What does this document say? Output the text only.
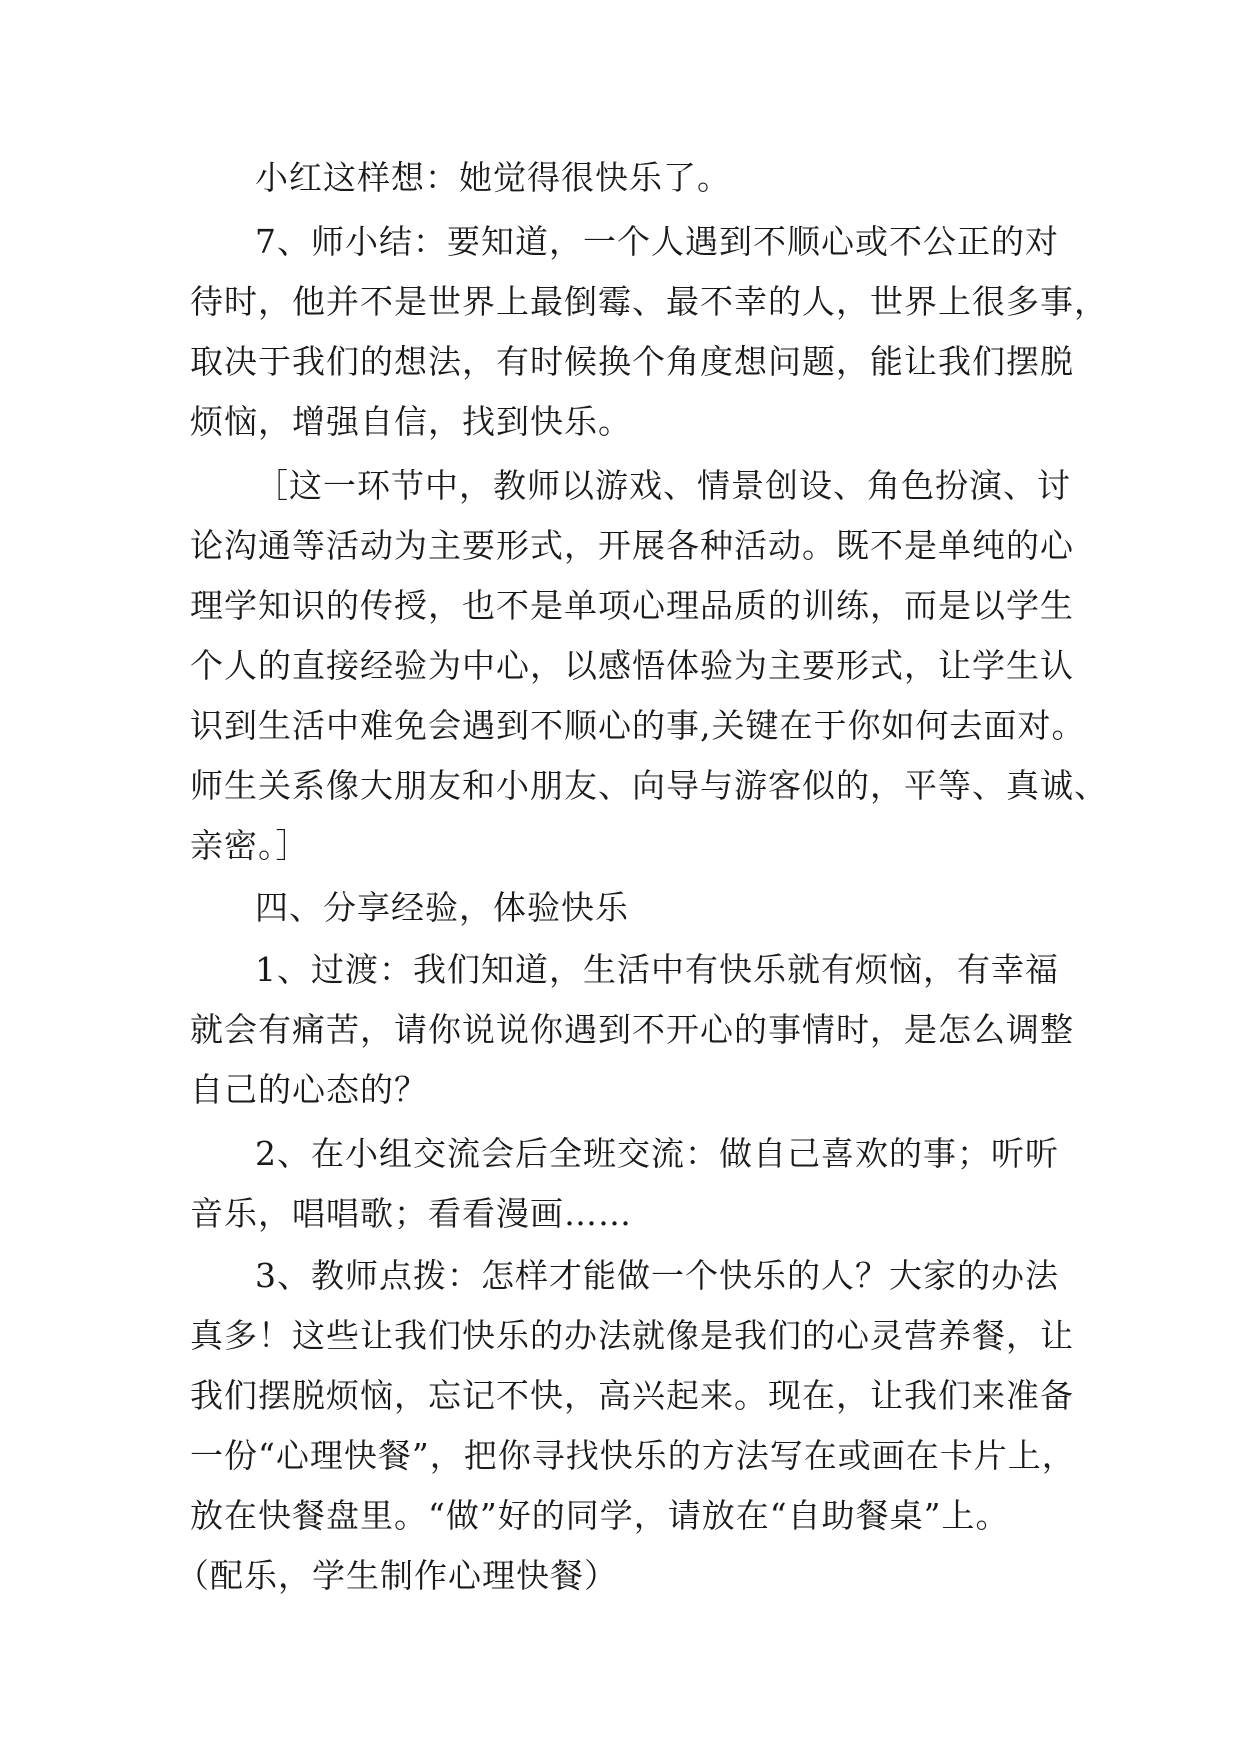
小红这样想：她觉得很快乐了。
7、师小结：要知道，一个人遇到不顺心或不公正的对
待时，他并不是世界上最倒霉、最不幸的人，世界上很多事，
取决于我们的想法，有时候换个角度想问题，能让我们摆脱
烦恼，增强自信，找到快乐。
［这一环节中，教师以游戏、情景创设、角色扮演、讨
论沟通等活动为主要形式，开展各种活动。既不是单纯的心
理学知识的传授，也不是单项心理品质的训练，而是以学生
个人的直接经验为中心，以感悟体验为主要形式，让学生认
识到生活中难免会遇到不顺心的事,关键在于你如何去面对。
师生关系像大朋友和小朋友、向导与游客似的，平等、真诚、
亲密。］
四、分享经验，体验快乐
1、过渡：我们知道，生活中有快乐就有烦恼，有幸福
就会有痛苦，请你说说你遇到不开心的事情时，是怎么调整
自己的心态的？
2、在小组交流会后全班交流：做自己喜欢的事；听听
音乐，唱唱歌；看看漫画……
3、教师点拨：怎样才能做一个快乐的人？大家的办法
真多！这些让我们快乐的办法就像是我们的心灵营养餐，让
我们摆脱烦恼，忘记不快，高兴起来。现在，让我们来准备
一份“心理快餐”，把你寻找快乐的方法写在或画在卡片上，
放在快餐盘里。“做”好的同学，请放在“自助餐桌”上。
（配乐，学生制作心理快餐）
